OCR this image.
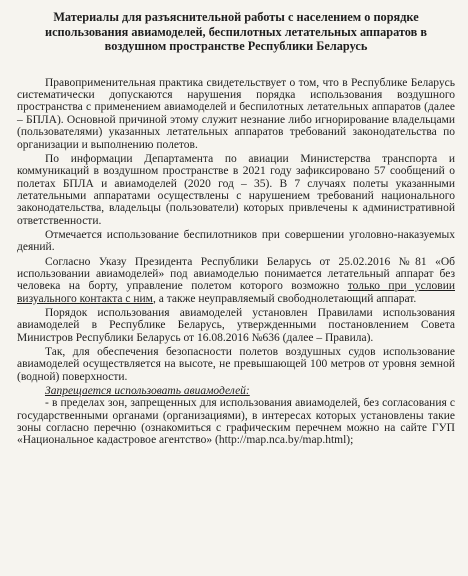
Материалы для разъяснительной работы с населением о порядке использования авиамоделей, беспилотных летательных аппаратов в воздушном пространстве Республики Беларусь

Правоприменительная практика свидетельствует о том, что в Республике Беларусь систематически допускаются нарушения порядка использования воздушного пространства с применением авиамоделей и беспилотных летательных аппаратов (далее – БПЛА). Основной причиной этому служит незнание либо игнорирование владельцами (пользователями) указанных летательных аппаратов требований законодательства по организации и выполнению полетов.

По информации Департамента по авиации Министерства транспорта и коммуникаций в воздушном пространстве в 2021 году зафиксировано 57 сообщений о полетах БПЛА и авиамоделей (2020 год – 35). В 7 случаях полеты указанными летательными аппаратами осуществлены с нарушением требований национального законодательства, владельцы (пользователи) которых привлечены к административной ответственности.

Отмечается использование беспилотников при совершении уголовно-наказуемых деяний.

Согласно Указу Президента Республики Беларусь от 25.02.2016 №81 «Об использовании авиамоделей» под авиамоделью понимается летательный аппарат без человека на борту, управление полетом которого возможно только при условии визуального контакта с ним, а также неуправляемый свободнолетающий аппарат.

Порядок использования авиамоделей установлен Правилами использования авиамоделей в Республике Беларусь, утвержденными постановлением Совета Министров Республики Беларусь от 16.08.2016 №636 (далее – Правила).

Так, для обеспечения безопасности полетов воздушных судов использование авиамоделей осуществляется на высоте, не превышающей 100 метров от уровня земной (водной) поверхности.

Запрещается использовать авиамоделей:

- в пределах зон, запрещенных для использования авиамоделей, без согласования с государственными органами (организациями), в интересах которых установлены такие зоны согласно перечню (ознакомиться с графическим перечнем можно на сайте ГУП «Национальное кадастровое агентство» (http://map.nca.by/map.html);
